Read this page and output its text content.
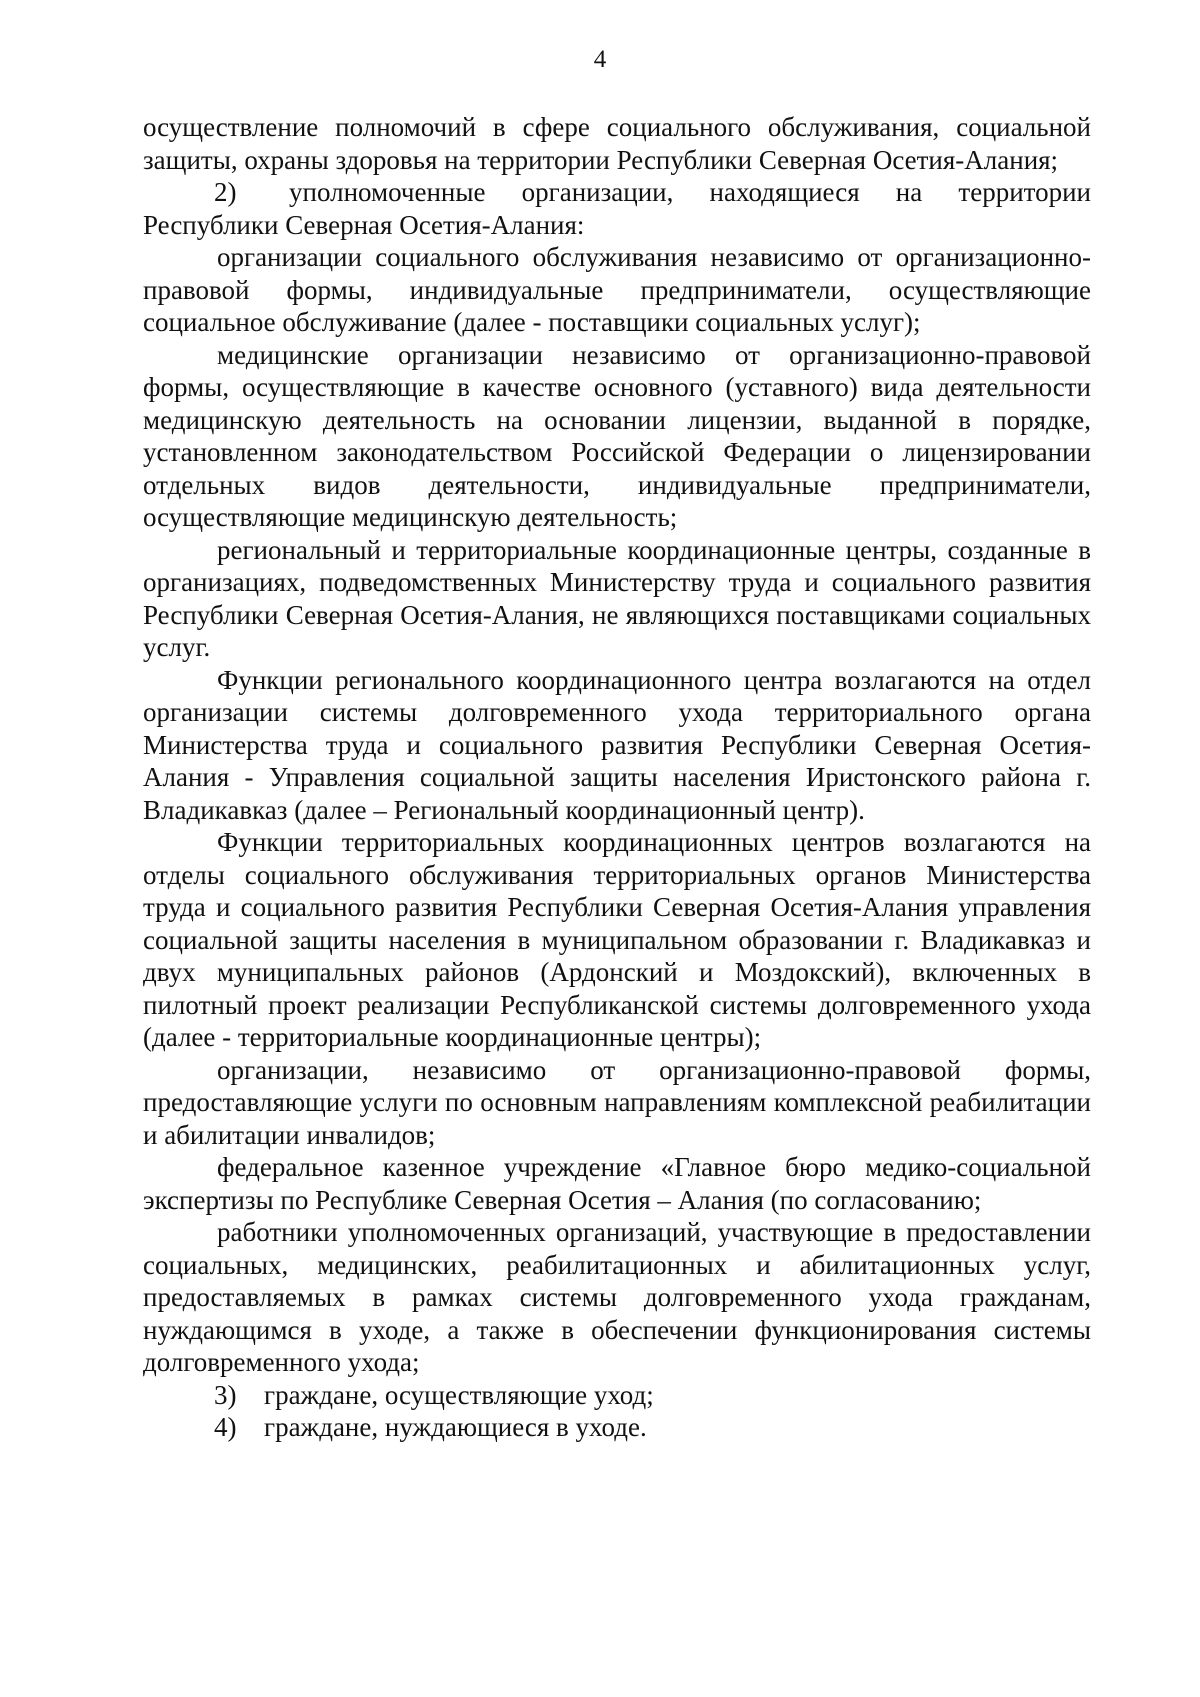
4

осуществление полномочий в сфере социального обслуживания, социальной защиты, охраны здоровья на территории Республики Северная Осетия-Алания;

2) уполномоченные организации, находящиеся на территории Республики Северная Осетия-Алания:

организации социального обслуживания независимо от организационно-правовой формы, индивидуальные предприниматели, осуществляющие социальное обслуживание (далее - поставщики социальных услуг);

медицинские организации независимо от организационно-правовой формы, осуществляющие в качестве основного (уставного) вида деятельности медицинскую деятельность на основании лицензии, выданной в порядке, установленном законодательством Российской Федерации о лицензировании отдельных видов деятельности, индивидуальные предприниматели, осуществляющие медицинскую деятельность;

региональный и территориальные координационные центры, созданные в организациях, подведомственных Министерству труда и социального развития Республики Северная Осетия-Алания, не являющихся поставщиками социальных услуг.

Функции регионального координационного центра возлагаются на отдел организации системы долговременного ухода территориального органа Министерства труда и социального развития Республики Северная Осетия-Алания - Управления социальной защиты населения Иристонского района г. Владикавказ (далее – Региональный координационный центр).

Функции территориальных координационных центров возлагаются на отделы социального обслуживания территориальных органов Министерства труда и социального развития Республики Северная Осетия-Алания управления социальной защиты населения в муниципальном образовании г. Владикавказ и двух муниципальных районов (Ардонский и Моздокский), включенных в пилотный проект реализации Республиканской системы долговременного ухода (далее - территориальные координационные центры);

организации, независимо от организационно-правовой формы, предоставляющие услуги по основным направлениям комплексной реабилитации и абилитации инвалидов;

федеральное казенное учреждение «Главное бюро медико-социальной экспертизы по Республике Северная Осетия – Алания (по согласованию;

работники уполномоченных организаций, участвующие в предоставлении социальных, медицинских, реабилитационных и абилитационных услуг, предоставляемых в рамках системы долговременного ухода гражданам, нуждающимся в уходе, а также в обеспечении функционирования системы долговременного ухода;

3) граждане, осуществляющие уход;

4) граждане, нуждающиеся в уходе.
